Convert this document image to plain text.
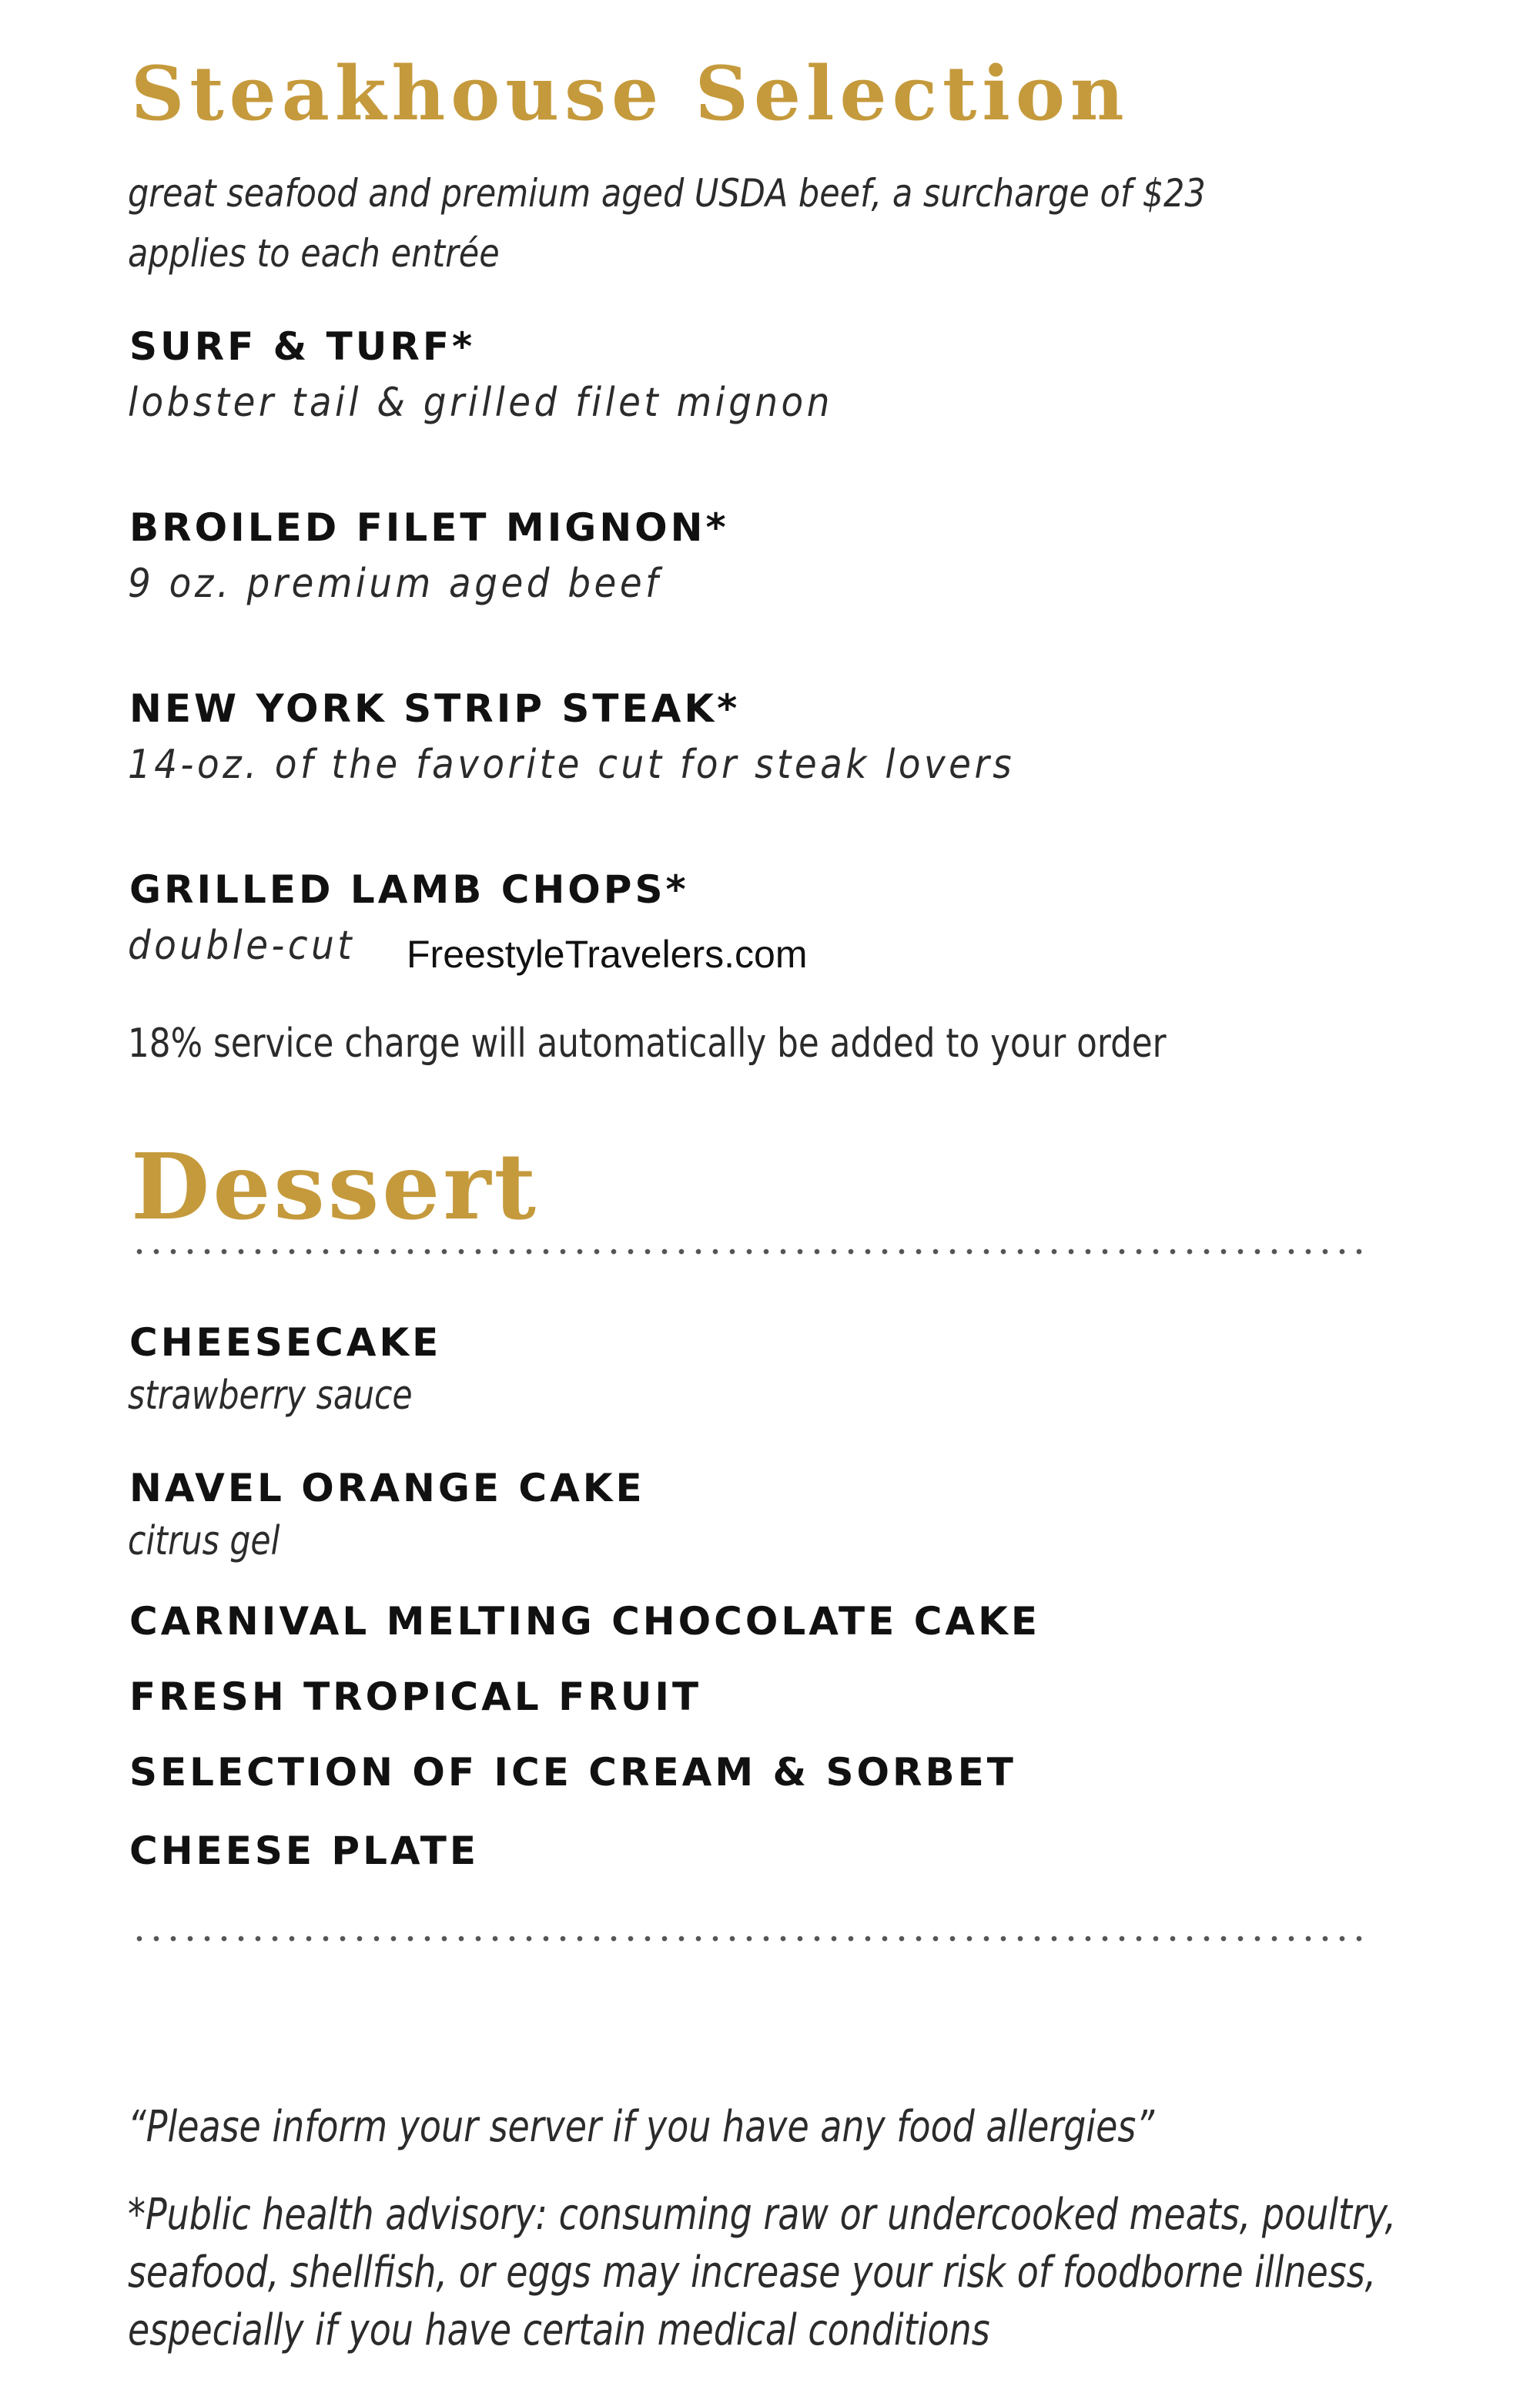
Steakhouse Selection
great seafood and premium aged USDA beef, a surcharge of $23 applies to each entrée
SURF & TURF*
lobster tail & grilled filet mignon
BROILED FILET MIGNON*
9 oz. premium aged beef
NEW YORK STRIP STEAK*
14-oz. of the favorite cut for steak lovers
GRILLED LAMB CHOPS*
double-cut FreestyleTravelers.com
18% service charge will automatically be added to your order
Dessert
CHEESECAKE
strawberry sauce
NAVEL ORANGE CAKE
citrus gel
CARNIVAL MELTING CHOCOLATE CAKE
FRESH TROPICAL FRUIT
SELECTION OF ICE CREAM & SORBET
CHEESE PLATE
“Please inform your server if you have any food allergies”
*Public health advisory: consuming raw or undercooked meats, poultry, seafood, shellfish, or eggs may increase your risk of foodborne illness, especially if you have certain medical conditions
